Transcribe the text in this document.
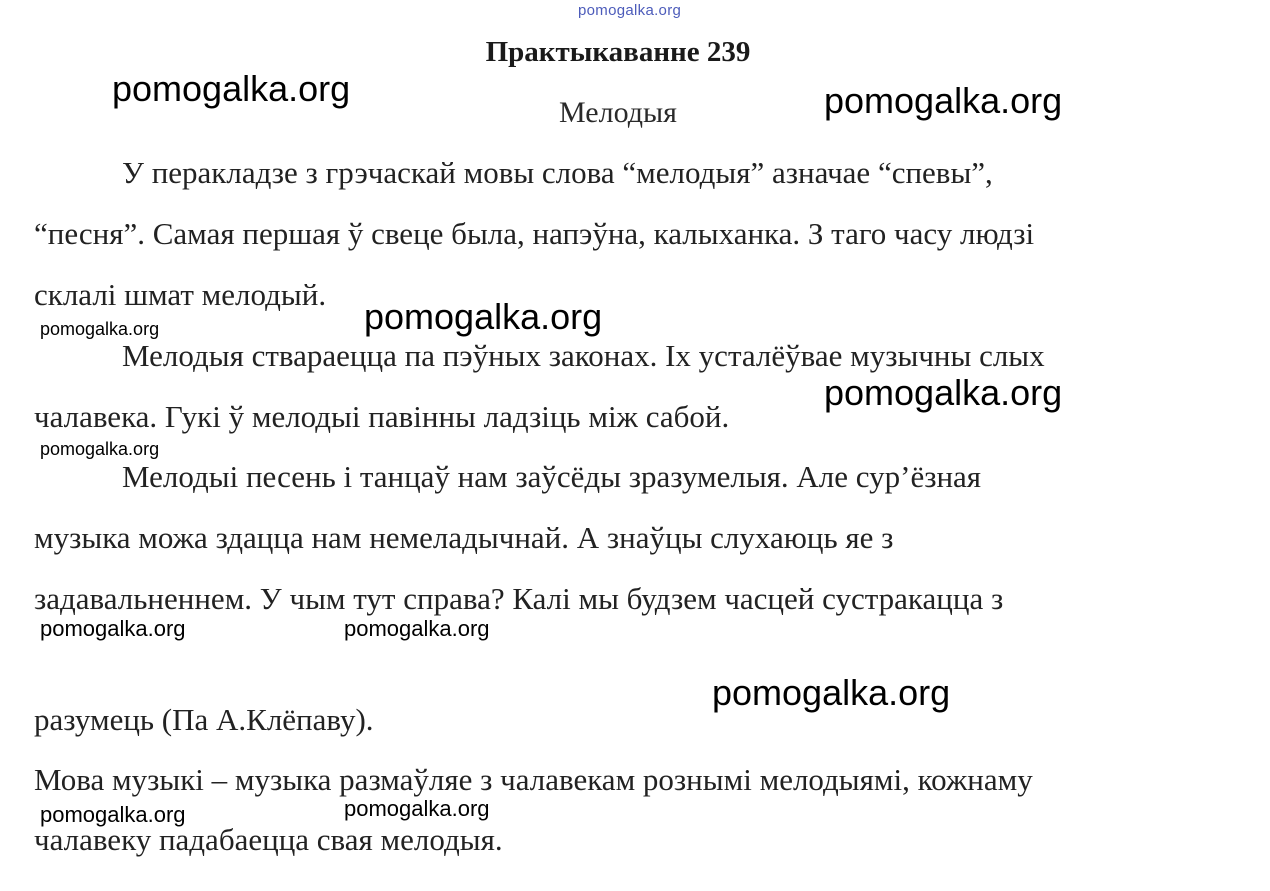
pomogalka.org
Практыкаванне 239
Мелодыя
У перакладзе з грэчаскай мовы слова “мелодыя” азначае “спевы”,
“песня”. Самая першая ў свеце была, напэўна, калыханка. З таго часу людзі
склалі шмат мелодый.
Мелодыя ствараецца па пэўных законах. Іх усталёўвае музычны слых
чалавека. Гукі ў мелодыі павінны ладзіць між сабой.
Мелодыі песень і танцаў нам заўсёды зразумелыя. Але сур’ёзная
музыка можа здацца нам немеладычнай. А знаўцы слухаюць яе з
задавальненнем. У чым тут справа? Калі мы будзем часцей сустракацца з
разумець (Па А.Клёпаву).
Мова музыкі – музыка размаўляе з чалавекам рознымі мелодыямі, кожнаму
чалавеку падабаецца свая мелодыя.
pomogalka.org	pomogalka.org
pomogalka.org
pomogalka.org
pomogalka.org
pomogalka.org
pomogalka.org	pomogalka.org
pomogalka.org
pomogalka.org	pomogalka.org
